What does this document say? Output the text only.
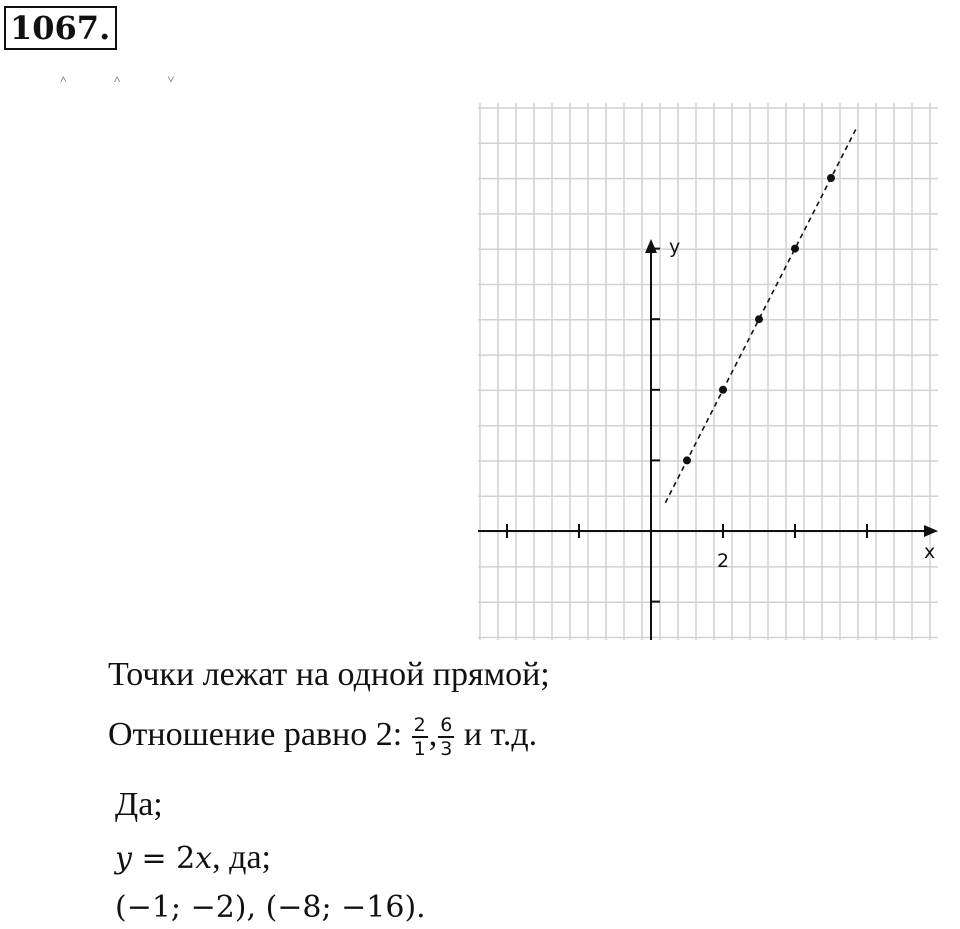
1067.
˄ ˄ ˅
x
y
2
Точки лежат на одной прямой;
Отношение равно 2: $\frac{2}{1}$ , $\frac{6}{3}$ и т.д.
Да;
y = 2x, да;
(−1; −2), (−8; −16).
